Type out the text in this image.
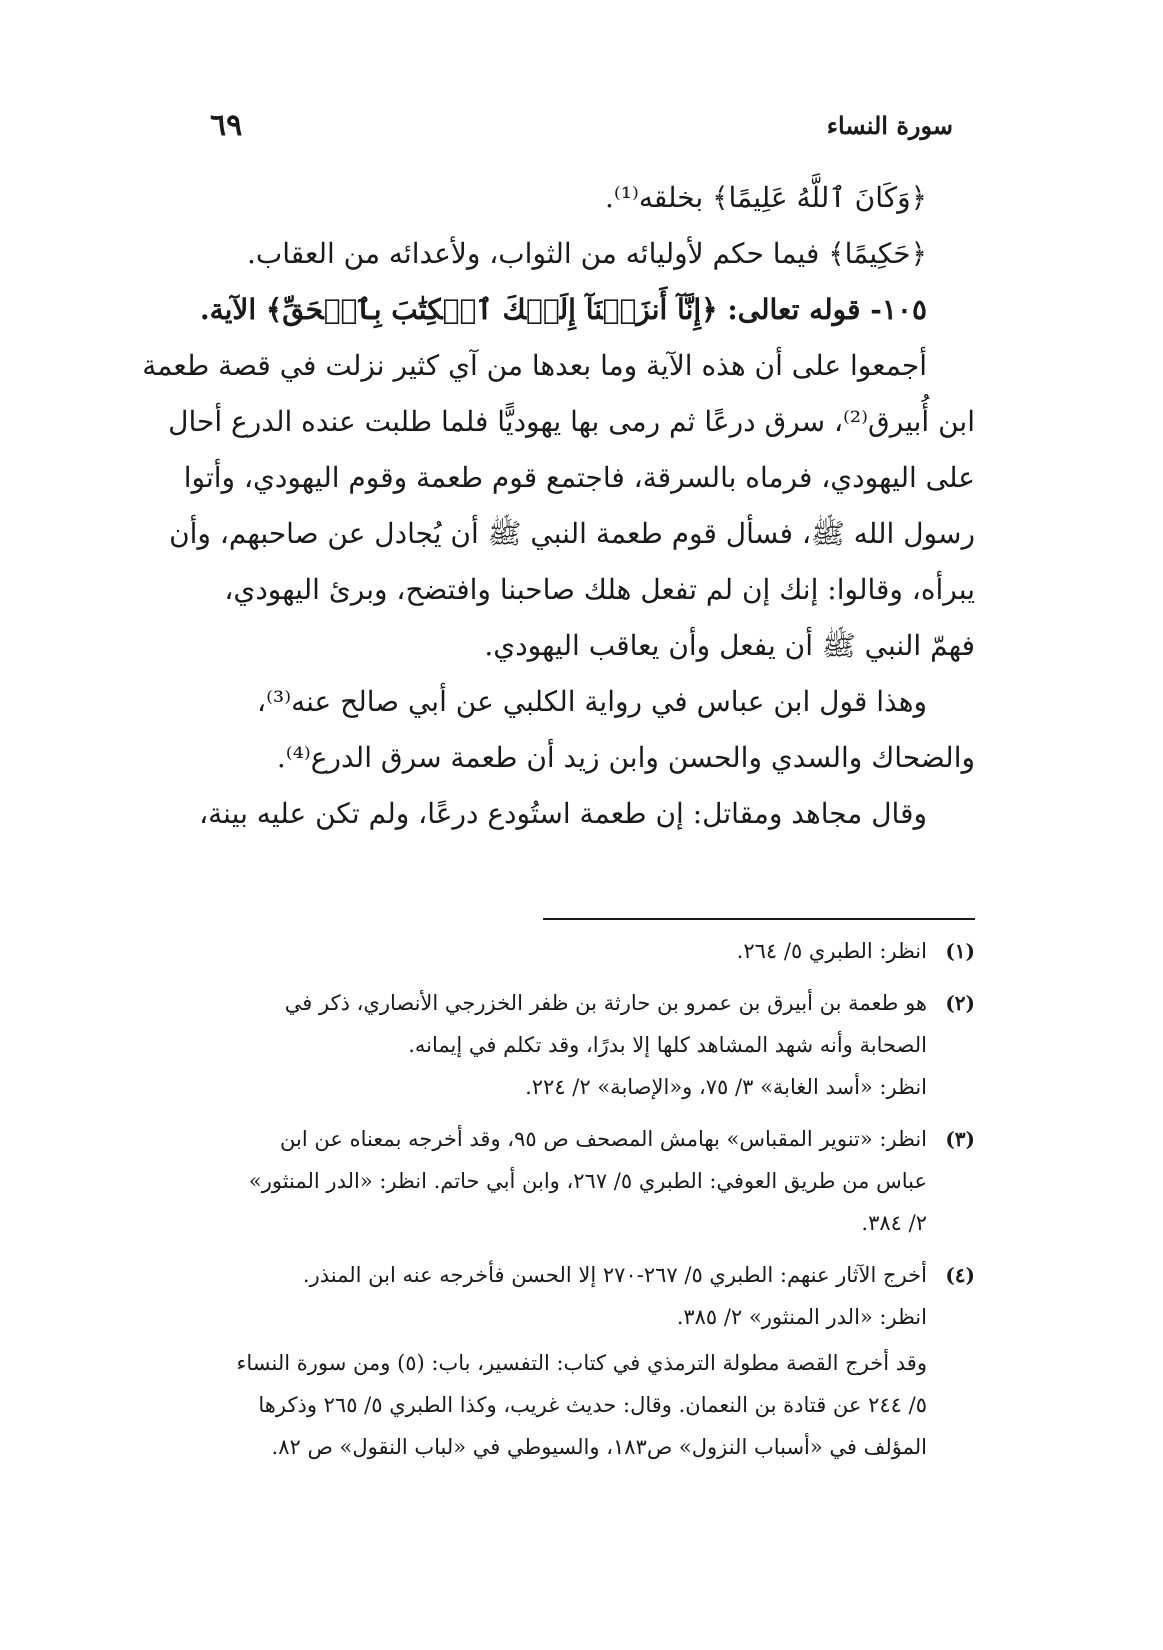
سورة النساء
٦٩
﴿وَكَانَ ٱللَّهُ عَلِيمًا﴾ بخلقه⁽¹⁾.
﴿حَكِيمًا﴾ فيما حكم لأوليائه من الثواب، ولأعدائه من العقاب.
١٠٥- قوله تعالى: ﴿إِنَّآ أَنزَلۡنَآ إِلَيۡكَ ٱلۡكِتَٰبَ بِٱلۡحَقِّ﴾ الآية.
أجمعوا على أن هذه الآية وما بعدها من آي كثير نزلت في قصة طعمة
ابن أُبيرق⁽²⁾، سرق درعًا ثم رمى بها يهوديًّا فلما طلبت عنده الدرع أحال
على اليهودي، فرماه بالسرقة، فاجتمع قوم طعمة وقوم اليهودي، وأتوا
رسول الله ﷺ، فسأل قوم طعمة النبي ﷺ أن يُجادل عن صاحبهم، وأن
يبرأه، وقالوا: إنك إن لم تفعل هلك صاحبنا وافتضح، وبرئ اليهودي،
فهمّ النبي ﷺ أن يفعل وأن يعاقب اليهودي.
وهذا قول ابن عباس في رواية الكلبي عن أبي صالح عنه⁽³⁾،
والضحاك والسدي والحسن وابن زيد أن طعمة سرق الدرع⁽⁴⁾.
وقال مجاهد ومقاتل: إن طعمة استُودع درعًا، ولم تكن عليه بينة،
(١)
انظر: الطبري ٥/ ٢٦٤.
(٢)
هو طعمة بن أبيرق بن عمرو بن حارثة بن ظفر الخزرجي الأنصاري، ذكر في
الصحابة وأنه شهد المشاهد كلها إلا بدرًا، وقد تكلم في إيمانه.
انظر: «أسد الغابة» ٣/ ٧٥، و«الإصابة» ٢/ ٢٢٤.
(٣)
انظر: «تنوير المقباس» بهامش المصحف ص ٩٥، وقد أخرجه بمعناه عن ابن
عباس من طريق العوفي: الطبري ٥/ ٢٦٧، وابن أبي حاتم. انظر: «الدر المنثور»
٢/ ٣٨٤.
(٤)
أخرج الآثار عنهم: الطبري ٥/ ٢٦٧-٢٧٠ إلا الحسن فأخرجه عنه ابن المنذر.
انظر: «الدر المنثور» ٢/ ٣٨٥.
وقد أخرج القصة مطولة الترمذي في كتاب: التفسير، باب: (٥) ومن سورة النساء
٥/ ٢٤٤ عن قتادة بن النعمان. وقال: حديث غريب، وكذا الطبري ٥/ ٢٦٥ وذكرها
المؤلف في «أسباب النزول» ص١٨٣، والسيوطي في «لباب النقول» ص ٨٢.
